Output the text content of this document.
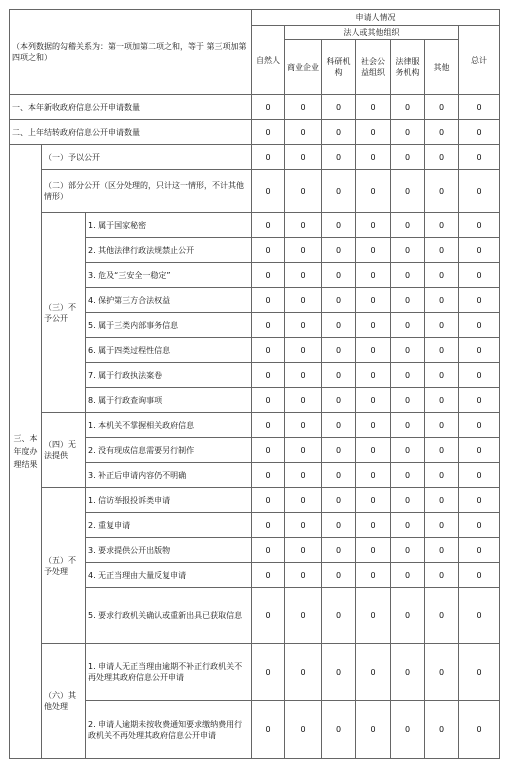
（本列数据的勾稽关系为：第一项加第二项之和，等于 第三项加第四项之和）			申请人情况						
			自然人	法人或其他组织					总计
				商业企业	科研机构	社会公益组织	法律服务机构	其他	
一、本年新收政府信息公开申请数量			0	0	0	0	0	0	0
二、上年结转政府信息公开申请数量			0	0	0	0	0	0	0
三、本年度办理结果	（一）予以公开		0	0	0	0	0	0	0
	（二）部分公开（区分处理的，只计这一情形，不计其他情形）		0	0	0	0	0	0	0
	（三）不予公开	1. 属于国家秘密	0	0	0	0	0	0	0
		2. 其他法律行政法规禁止公开	0	0	0	0	0	0	0
		3. 危及“三安全一稳定”	0	0	0	0	0	0	0
		4. 保护第三方合法权益	0	0	0	0	0	0	0
		5. 属于三类内部事务信息	0	0	0	0	0	0	0
		6. 属于四类过程性信息	0	0	0	0	0	0	0
		7. 属于行政执法案卷	0	0	0	0	0	0	0
		8. 属于行政查询事项	0	0	0	0	0	0	0
	（四）无法提供	1. 本机关不掌握相关政府信息	0	0	0	0	0	0	0
		2. 没有现成信息需要另行制作	0	0	0	0	0	0	0
		3. 补正后申请内容仍不明确	0	0	0	0	0	0	0
	（五）不予处理	1. 信访举报投诉类申请	0	0	0	0	0	0	0
		2. 重复申请	0	0	0	0	0	0	0
		3. 要求提供公开出版物	0	0	0	0	0	0	0
		4. 无正当理由大量反复申请	0	0	0	0	0	0	0
		5. 要求行政机关确认或重新出具已获取信息	0	0	0	0	0	0	0
	（六）其他处理	1. 申请人无正当理由逾期不补正行政机关不再处理其政府信息公开申请	0	0	0	0	0	0	0
		2. 申请人逾期未按收费通知要求缴纳费用行政机关不再处理其政府信息公开申请	0	0	0	0	0	0	0
